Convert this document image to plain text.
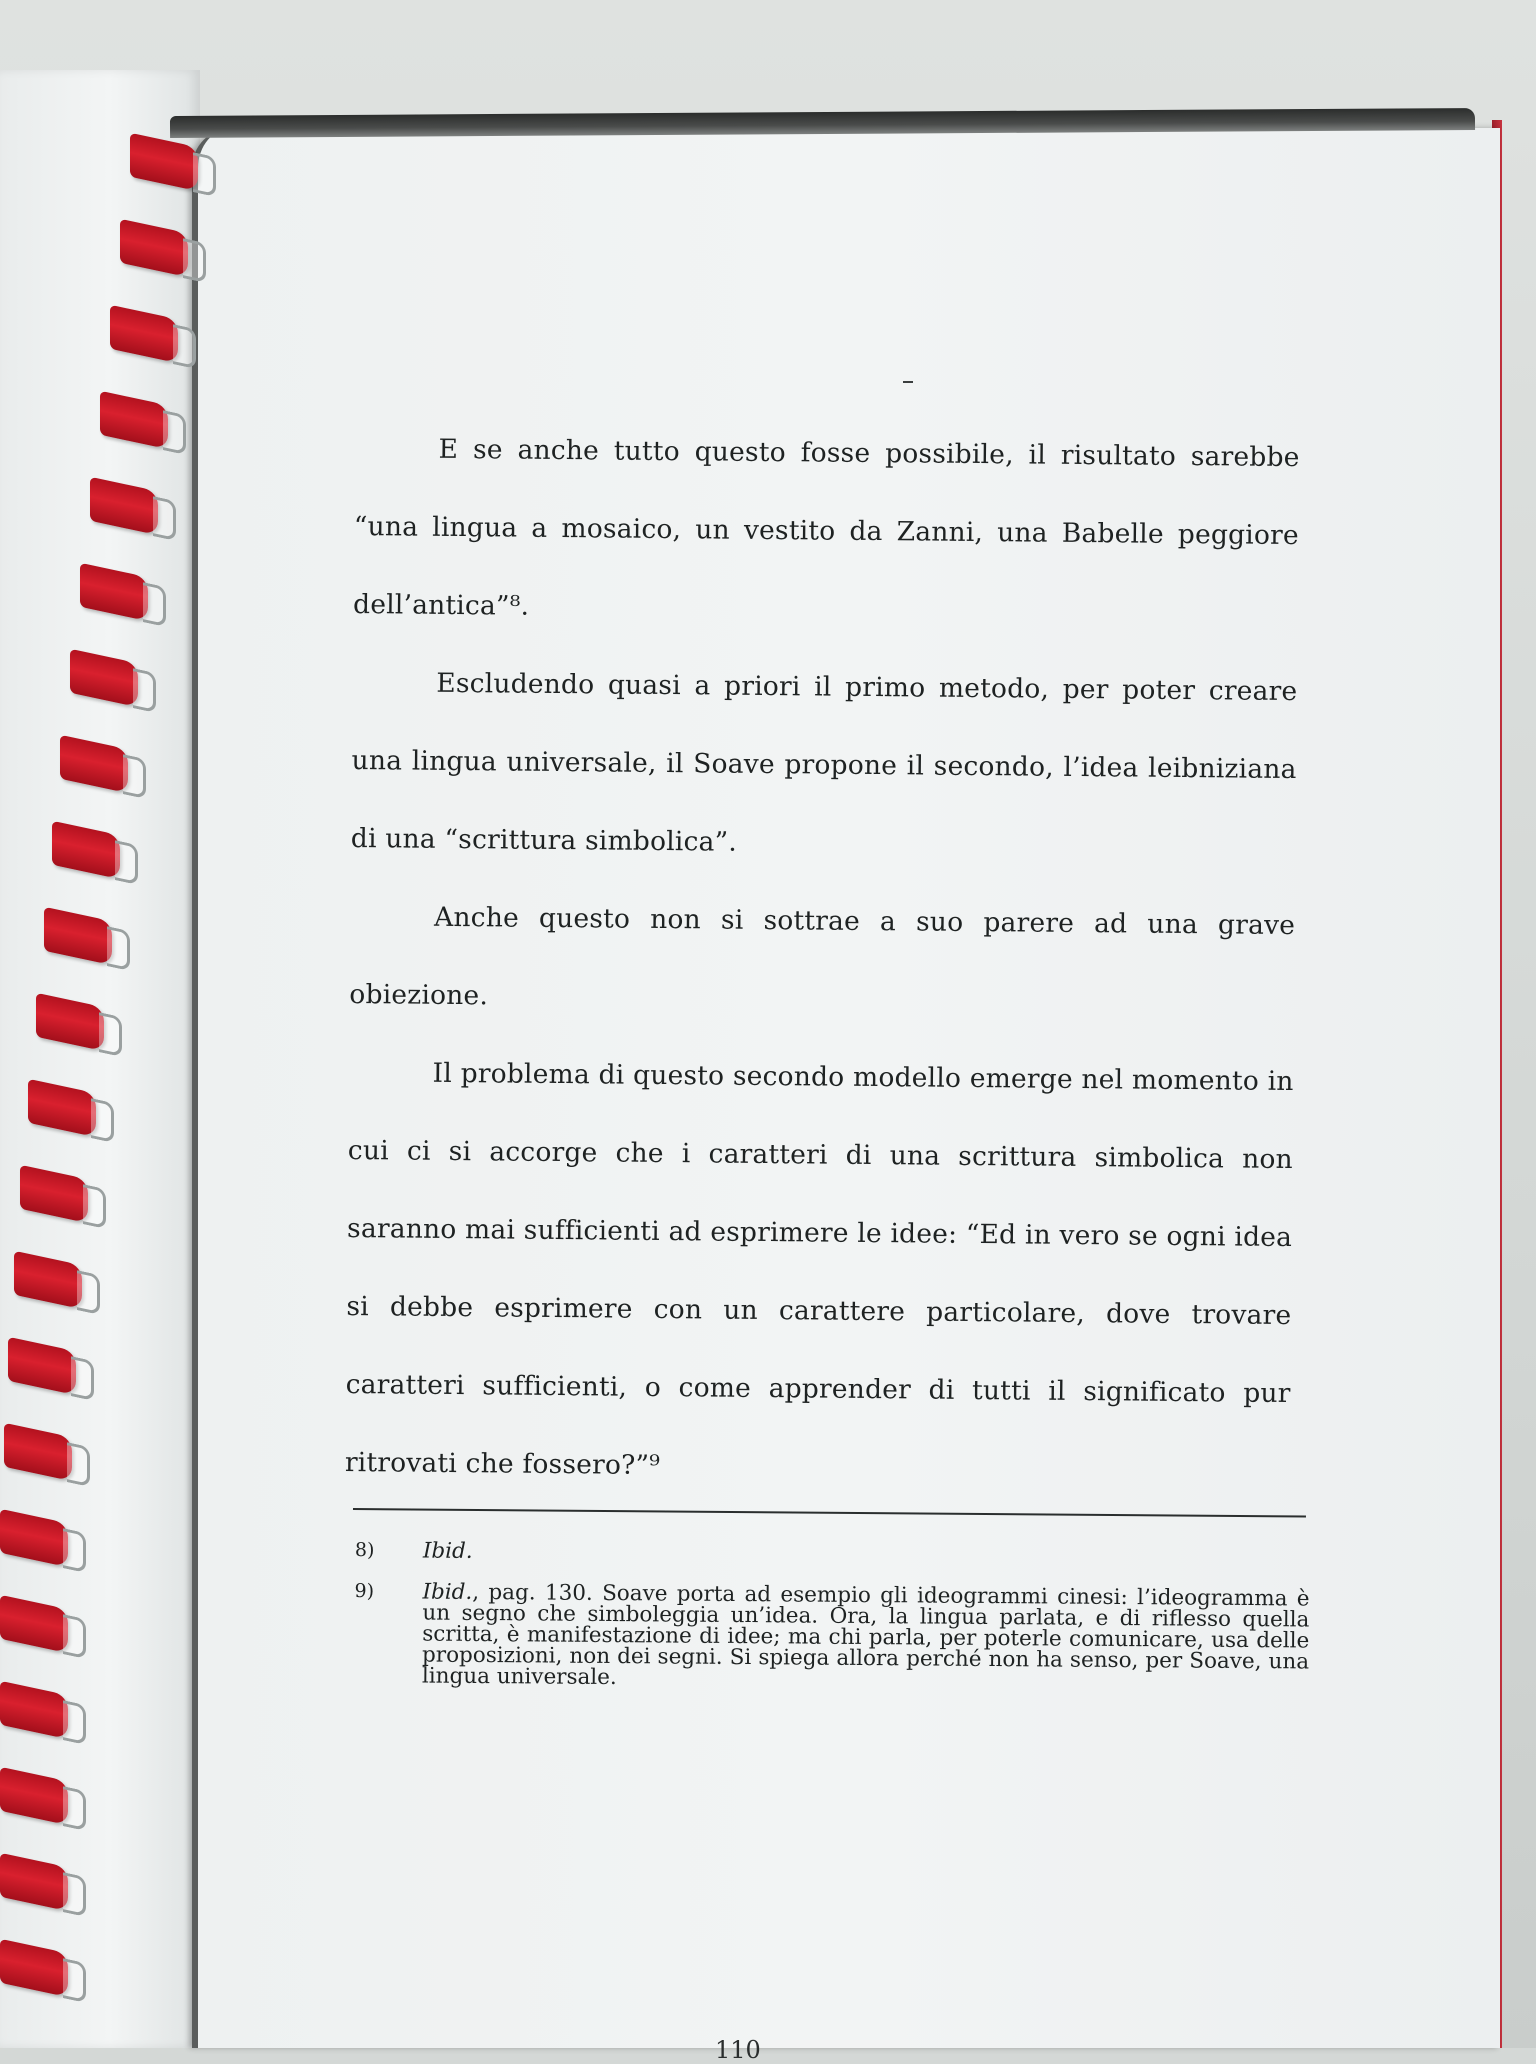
E se anche tutto questo fosse possibile, il risultato sarebbe “una lingua a mosaico, un vestito da Zanni, una Babelle peggiore dell’antica”⁸.

Escludendo quasi a priori il primo metodo, per poter creare una lingua universale, il Soave propone il secondo, l’idea leibniziana di una “scrittura simbolica”.

Anche questo non si sottrae a suo parere ad una grave obiezione.

Il problema di questo secondo modello emerge nel momento in cui ci si accorge che i caratteri di una scrittura simbolica non saranno mai sufficienti ad esprimere le idee: “Ed in vero se ogni idea si debbe esprimere con un carattere particolare, dove trovare caratteri sufficienti, o come apprender di tutti il significato pur ritrovati che fossero?”⁹

8) Ibid.

9) Ibid., pag. 130. Soave porta ad esempio gli ideogrammi cinesi: l’ideogramma è un segno che simboleggia un’idea. Ora, la lingua parlata, e di riflesso quella scritta, è manifestazione di idee; ma chi parla, per poterle comunicare, usa delle proposizioni, non dei segni. Si spiega allora perché non ha senso, per Soave, una lingua universale.

110
